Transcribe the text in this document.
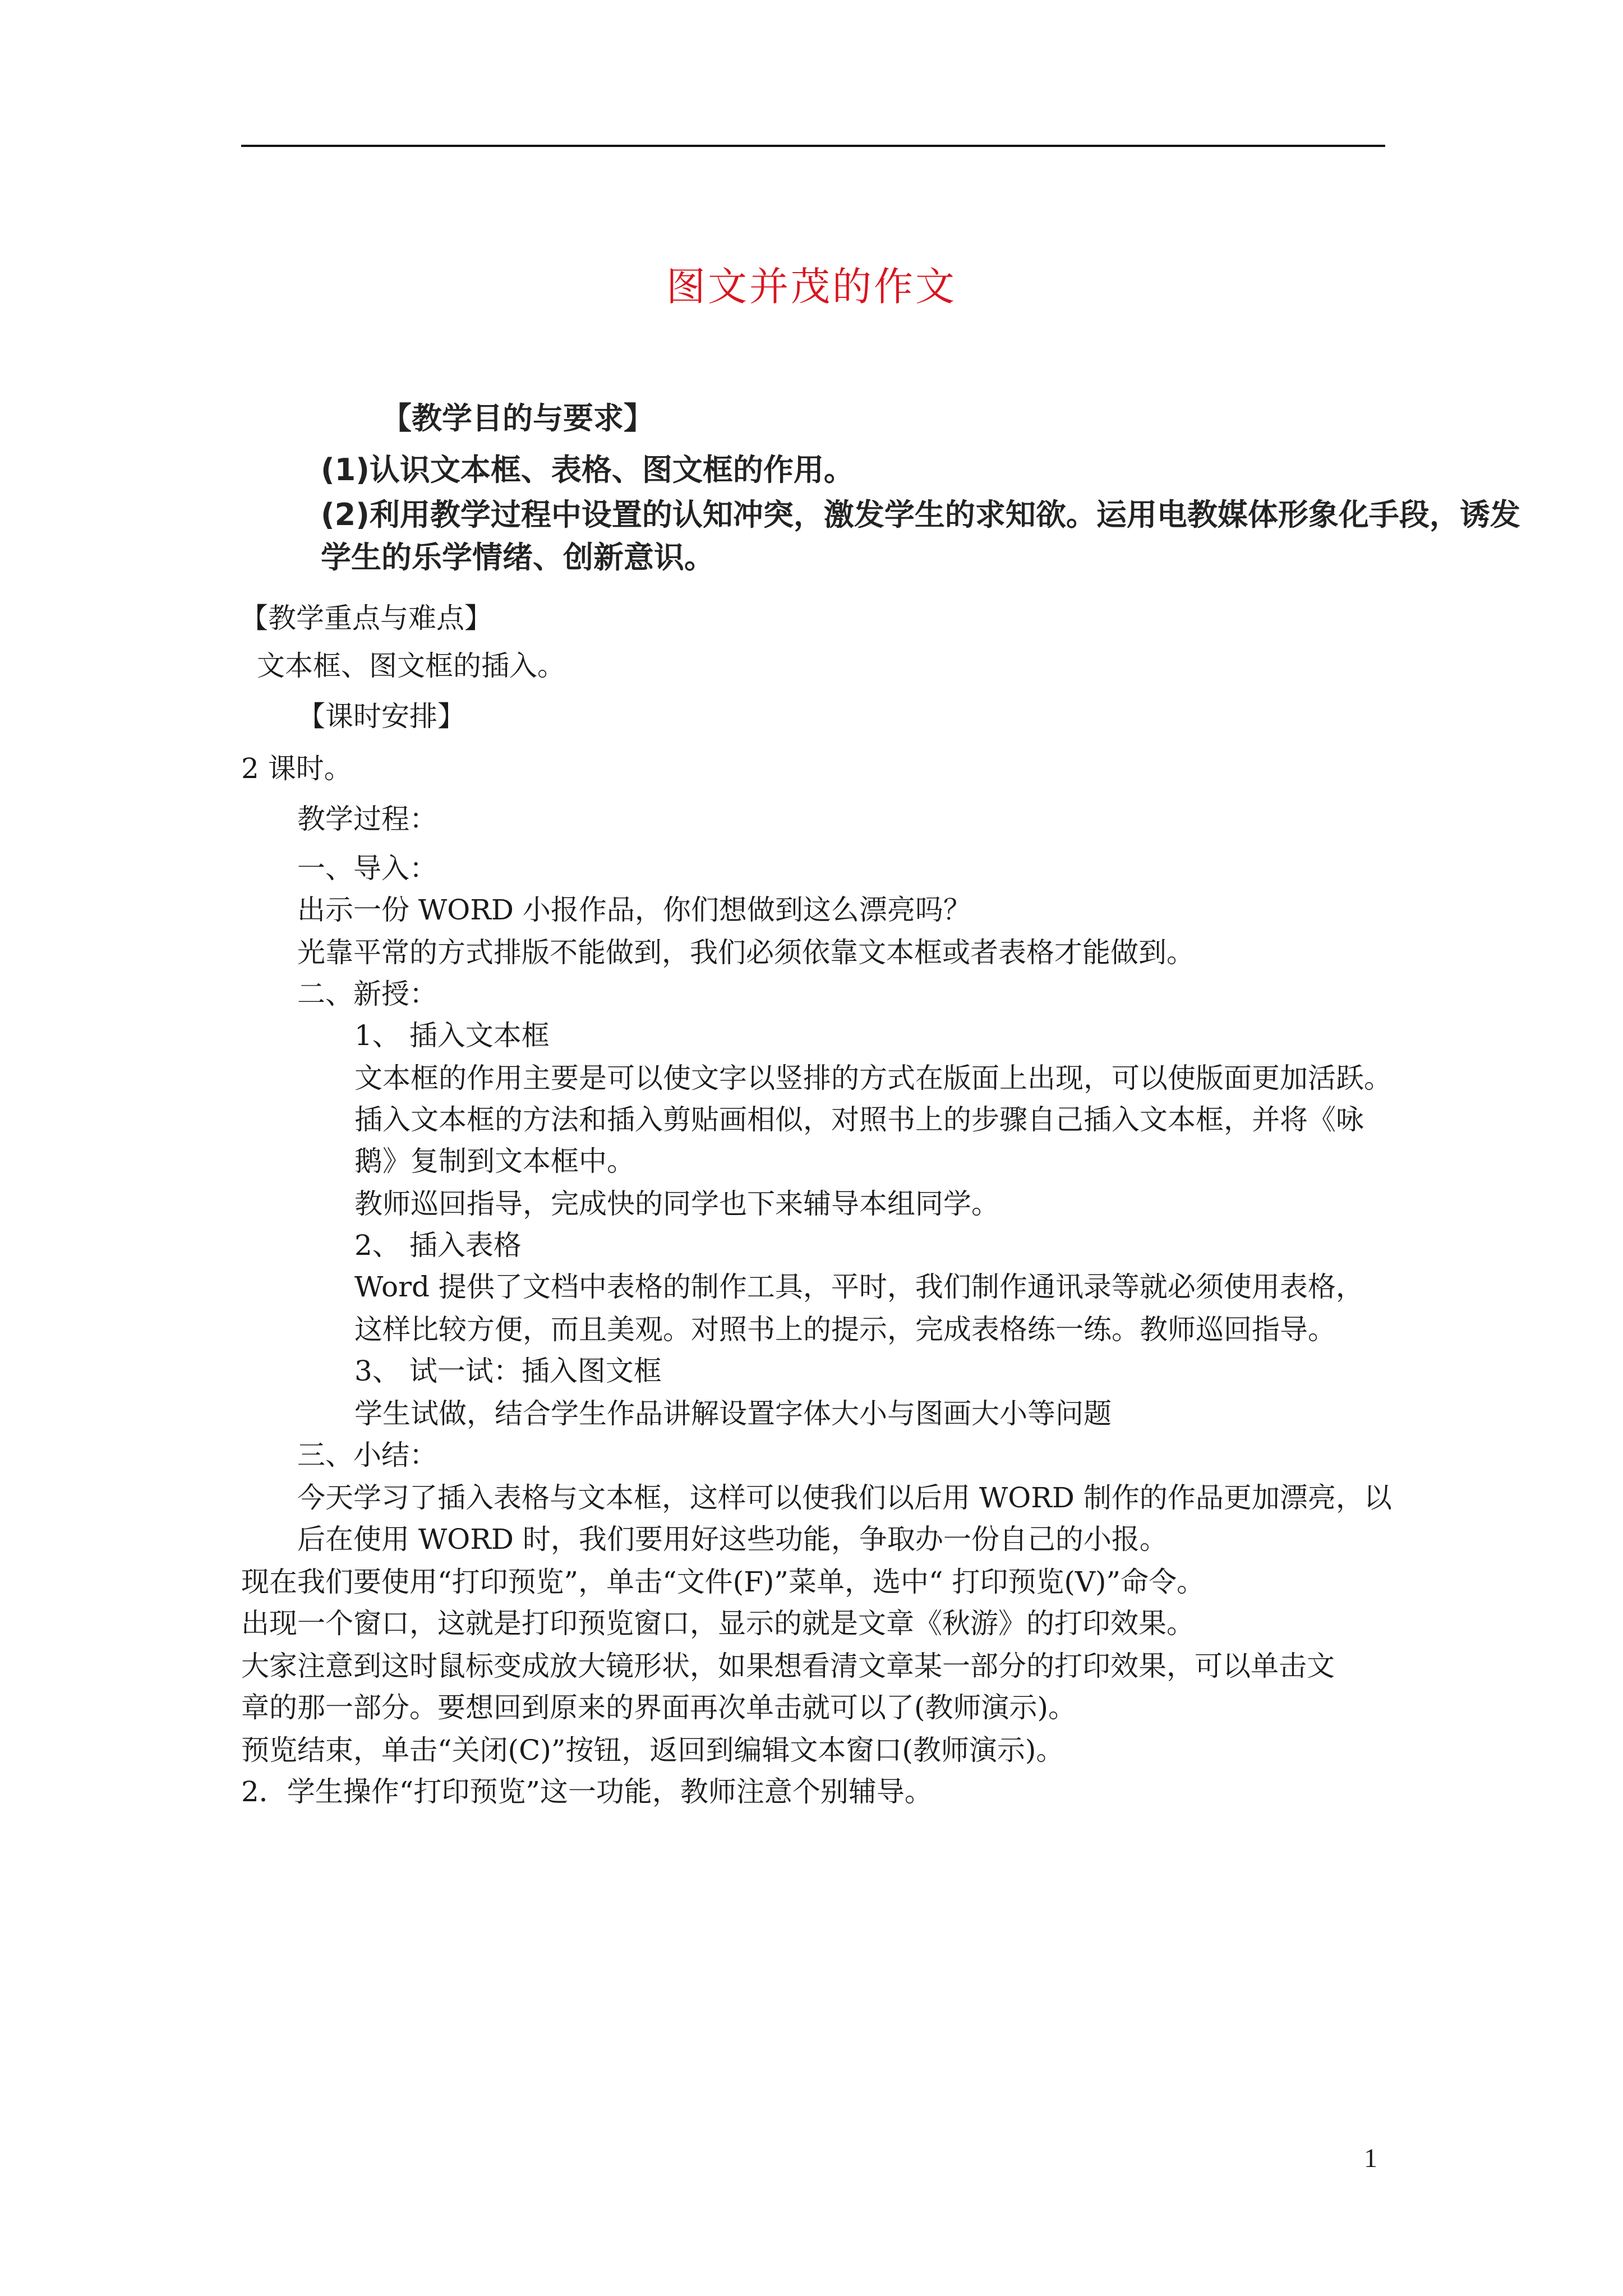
图文并茂的作文
【教学目的与要求】
(1)认识文本框、表格、图文框的作用。
(2)利用教学过程中设置的认知冲突，激发学生的求知欲。运用电教媒体形象化手段，诱发
学生的乐学情绪、创新意识。
【教学重点与难点】
文本框、图文框的插入。
【课时安排】
2 课时。
教学过程：
一、导入：
出示一份 WORD 小报作品，你们想做到这么漂亮吗？
光靠平常的方式排版不能做到，我们必须依靠文本框或者表格才能做到。
二、新授：
1、 插入文本框
文本框的作用主要是可以使文字以竖排的方式在版面上出现，可以使版面更加活跃。
插入文本框的方法和插入剪贴画相似，对照书上的步骤自己插入文本框，并将《咏
鹅》复制到文本框中。
教师巡回指导，完成快的同学也下来辅导本组同学。
2、 插入表格
Word 提供了文档中表格的制作工具，平时，我们制作通讯录等就必须使用表格，
这样比较方便，而且美观。对照书上的提示，完成表格练一练。教师巡回指导。
3、 试一试：插入图文框
学生试做，结合学生作品讲解设置字体大小与图画大小等问题
三、小结：
今天学习了插入表格与文本框，这样可以使我们以后用 WORD 制作的作品更加漂亮，以
后在使用 WORD 时，我们要用好这些功能，争取办一份自己的小报。
现在我们要使用“打印预览”，单击“文件(F)”菜单，选中“ 打印预览(V)”命令。
出现一个窗口，这就是打印预览窗口，显示的就是文章《秋游》的打印效果。
大家注意到这时鼠标变成放大镜形状，如果想看清文章某一部分的打印效果，可以单击文
章的那一部分。要想回到原来的界面再次单击就可以了(教师演示)。
预览结束，单击“关闭(C)”按钮，返回到编辑文本窗口(教师演示)。
2．学生操作“打印预览”这一功能，教师注意个别辅导。
1
